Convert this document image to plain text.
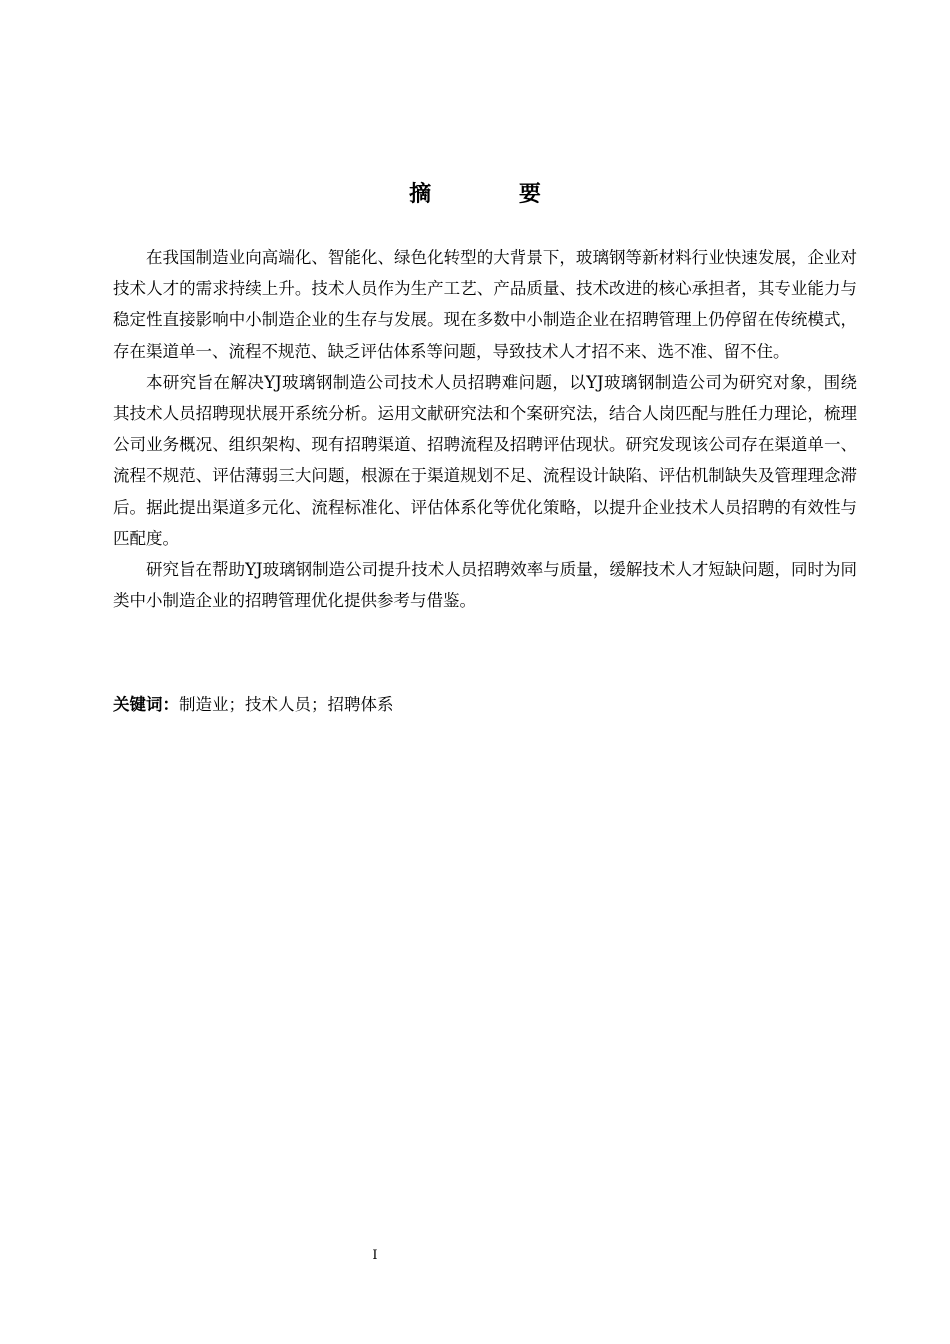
摘 要

在我国制造业向高端化、智能化、绿色化转型的大背景下，玻璃钢等新材料行业快速发展，企业对技术人才的需求持续上升。技术人员作为生产工艺、产品质量、技术改进的核心承担者，其专业能力与稳定性直接影响中小制造企业的生存与发展。现在多数中小制造企业在招聘管理上仍停留在传统模式，存在渠道单一、流程不规范、缺乏评估体系等问题，导致技术人才招不来、选不准、留不住。

本研究旨在解决YJ玻璃钢制造公司技术人员招聘难问题，以YJ玻璃钢制造公司为研究对象，围绕其技术人员招聘现状展开系统分析。运用文献研究法和个案研究法，结合人岗匹配与胜任力理论，梳理公司业务概况、组织架构、现有招聘渠道、招聘流程及招聘评估现状。研究发现该公司存在渠道单一、流程不规范、评估薄弱三大问题，根源在于渠道规划不足、流程设计缺陷、评估机制缺失及管理理念滞后。据此提出渠道多元化、流程标准化、评估体系化等优化策略，以提升企业技术人员招聘的有效性与匹配度。

研究旨在帮助YJ玻璃钢制造公司提升技术人员招聘效率与质量，缓解技术人才短缺问题，同时为同类中小制造企业的招聘管理优化提供参考与借鉴。

关键词：制造业；技术人员；招聘体系
I
